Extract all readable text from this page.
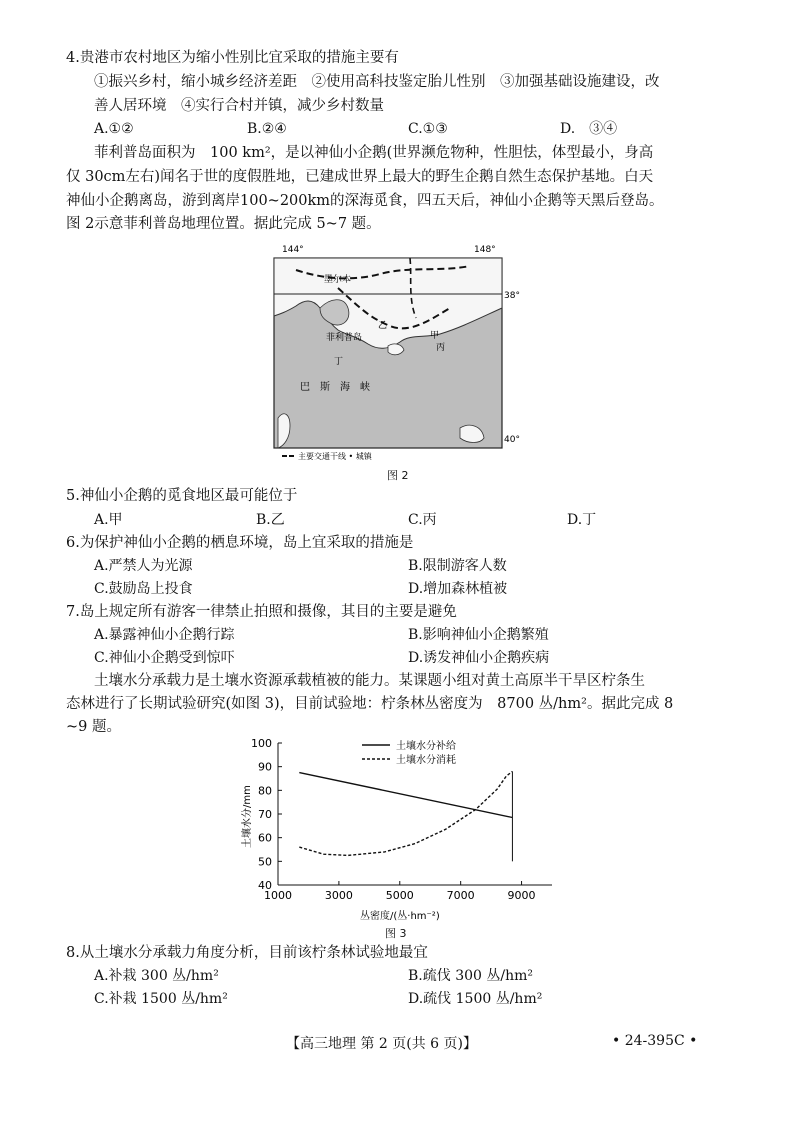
4.贵港市农村地区为缩小性别比宜采取的措施主要有
①振兴乡村，缩小城乡经济差距　②使用高科技鉴定胎儿性别　③加强基础设施建设，改
善人居环境　④实行合村并镇，减少乡村数量
A.①②	B.②④	C.①③	D.　③④
菲利普岛面积为　100 km²，是以神仙小企鹅(世界濒危物种，性胆怯，体型最小，身高
仅 30cm左右)闻名于世的度假胜地，已建成世界上最大的野生企鹅自然生态保护基地。白天
神仙小企鹅离岛，游到离岸100~200km的深海觅食，四五天后，神仙小企鹅等天黑后登岛。
图 2示意菲利普岛地理位置。据此完成 5~7 题。
144°	148°
墨尔本
菲利普岛
乙
甲
丁
丙
巴　斯　海　峡
38°
40°
主要交通干线 • 城镇
图 2
5.神仙小企鹅的觅食地区最可能位于
A.甲	B.乙	C.丙	D.丁
6.为保护神仙小企鹅的栖息环境，岛上宜采取的措施是
A.严禁人为光源	B.限制游客人数
C.鼓励岛上投食	D.增加森林植被
7.岛上规定所有游客一律禁止拍照和摄像，其目的主要是避免
A.暴露神仙小企鹅行踪	B.影响神仙小企鹅繁殖
C.神仙小企鹅受到惊吓	D.诱发神仙小企鹅疾病
土壤水分承载力是土壤水资源承载植被的能力。某课题小组对黄土高原半干旱区柠条生
态林进行了长期试验研究(如图 3)，目前试验地：柠条林丛密度为　8700 丛/hm²。据此完成 8
~9 题。
40
50
60
70
80
90
100
1000	3000	5000	7000	9000
土壤水分补给
土壤水分消耗
土壤水分/mm
丛密度/(丛·hm⁻²)
图 3
8.从土壤水分承载力角度分析，目前该柠条林试验地最宜
A.补栽 300 丛/hm²	B.疏伐 300 丛/hm²
C.补栽 1500 丛/hm²	D.疏伐 1500 丛/hm²
【高三地理 第 2 页(共 6 页)】	• 24-395C •
